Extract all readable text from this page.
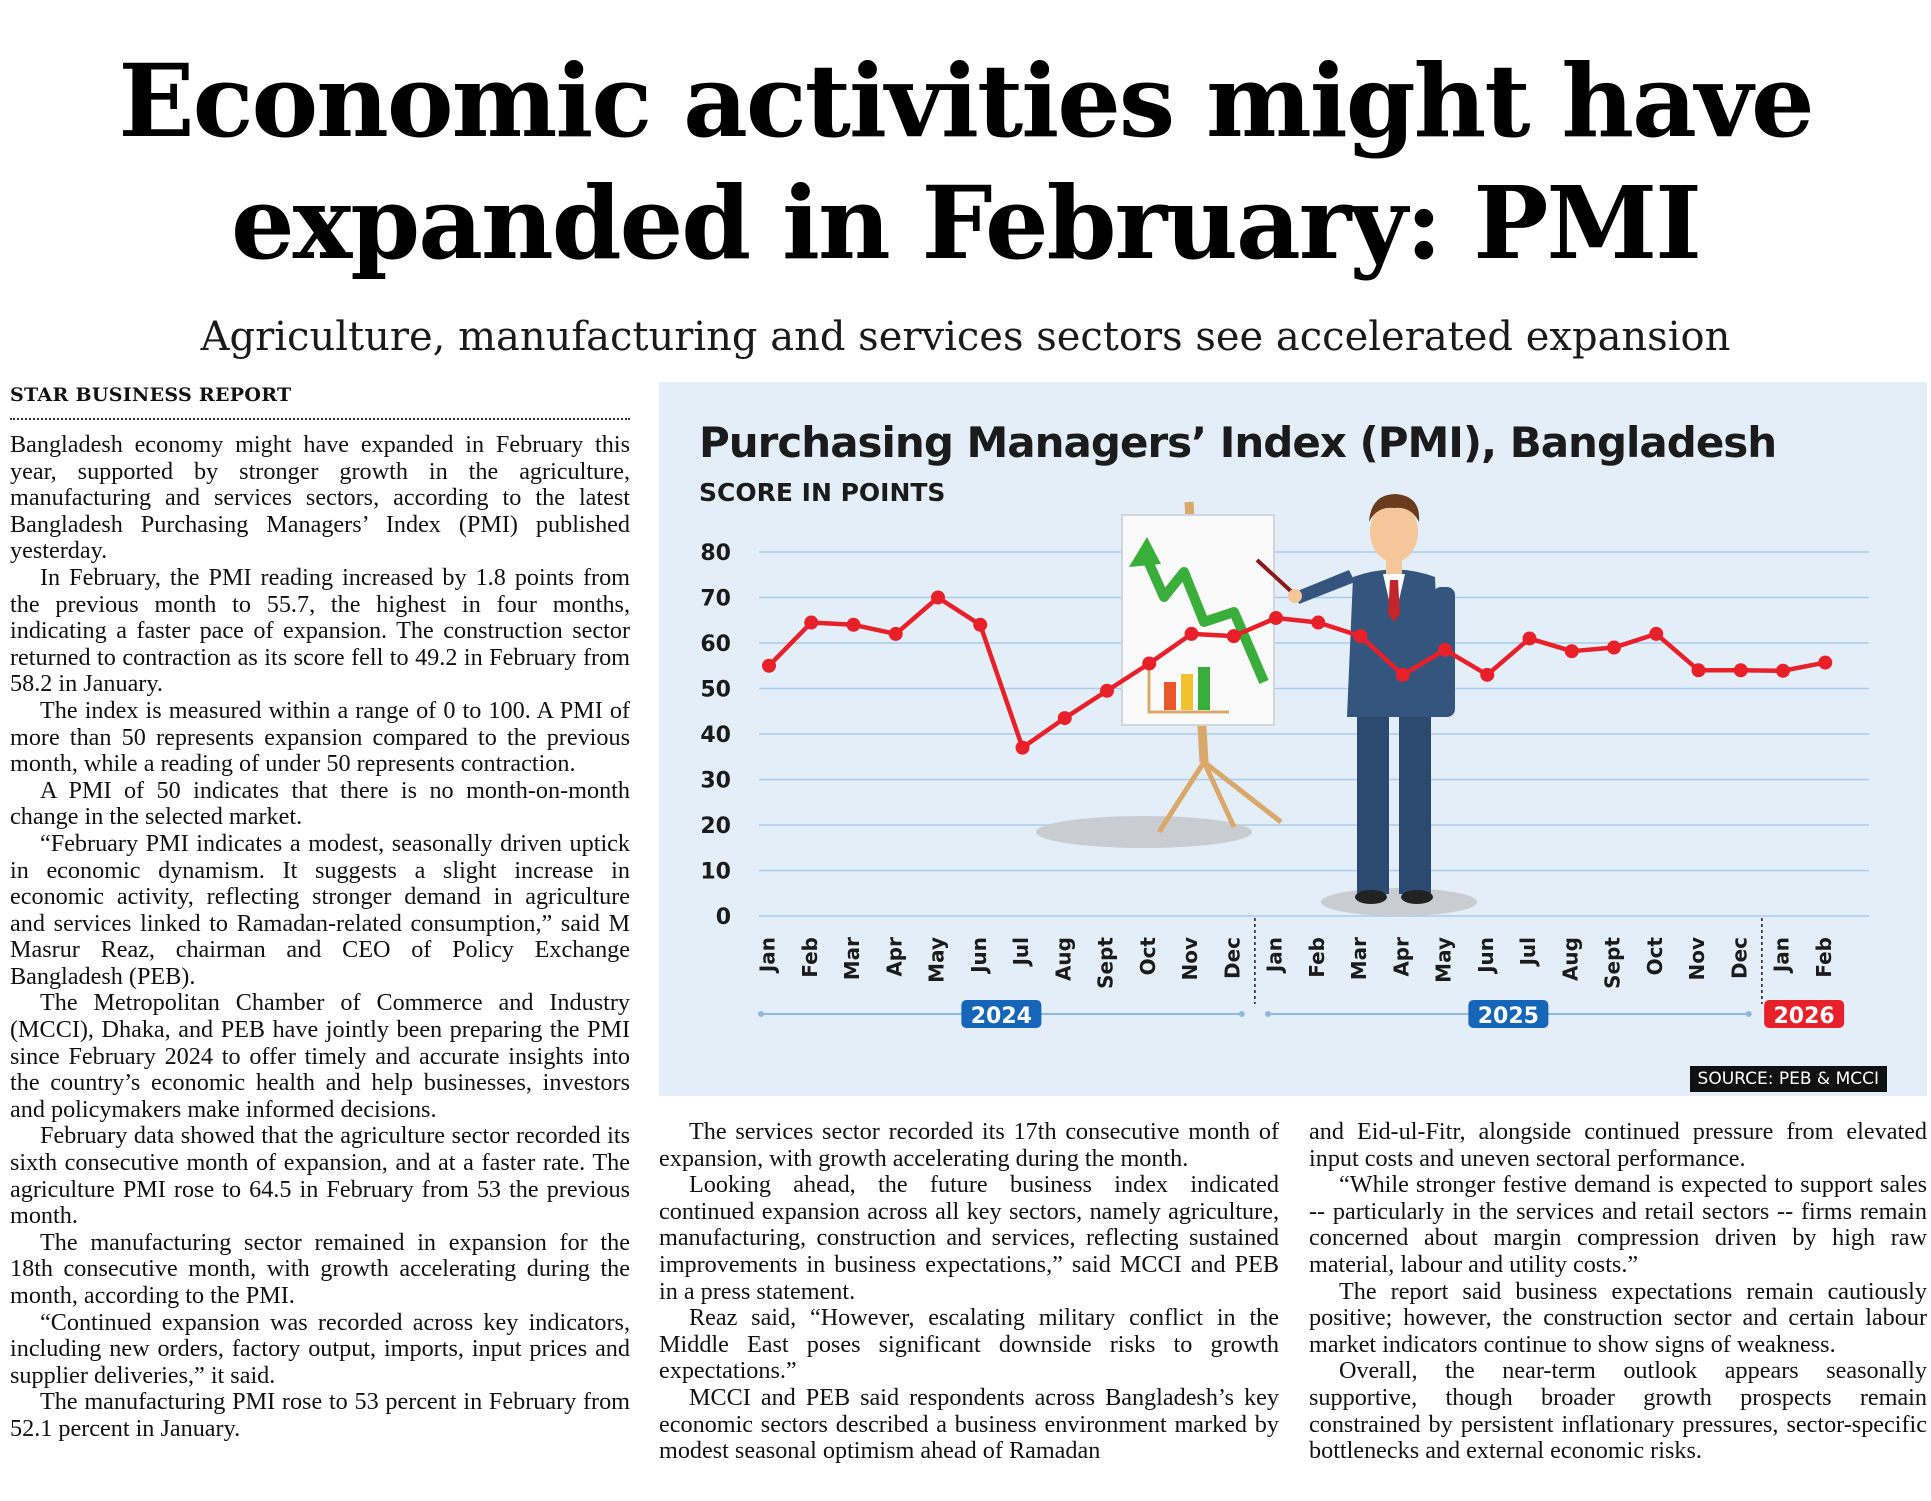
Economic activities might have
expanded in February: PMI
Agriculture, manufacturing and services sectors see accelerated expansion
STAR BUSINESS REPORT

Bangladesh economy might have expanded in February this year, supported by stronger growth in the agriculture, manufacturing and services sectors, according to the latest Bangladesh Purchasing Managers’ Index (PMI) published yesterday.

In February, the PMI reading increased by 1.8 points from the previous month to 55.7, the highest in four months, indicating a faster pace of expansion. The construction sector returned to contraction as its score fell to 49.2 in February from 58.2 in January.

The index is measured within a range of 0 to 100. A PMI of more than 50 represents expansion compared to the previous month, while a reading of under 50 represents contraction.

A PMI of 50 indicates that there is no month-on-month change in the selected market.

“February PMI indicates a modest, seasonally driven uptick in economic dynamism. It suggests a slight increase in economic activity, reflecting stronger demand in agriculture and services linked to Ramadan-related consumption,” said M Masrur Reaz, chairman and CEO of Policy Exchange Bangladesh (PEB).

The Metropolitan Chamber of Commerce and Industry (MCCI), Dhaka, and PEB have jointly been preparing the PMI since February 2024 to offer timely and accurate insights into the country’s economic health and help businesses, investors and policymakers make informed decisions.

February data showed that the agriculture sector recorded its sixth consecutive month of expansion, and at a faster rate. The agriculture PMI rose to 64.5 in February from 53 the previous month.

The manufacturing sector remained in expansion for the 18th consecutive month, with growth accelerating during the month, according to the PMI.

“Continued expansion was recorded across key indicators, including new orders, factory output, imports, input prices and supplier deliveries,” it said.

The manufacturing PMI rose to 53 percent in February from 52.1 percent in January.

Purchasing Managers’ Index (PMI), Bangladesh
SCORE IN POINTS
0
10
20
30
40
50
60
70
80
Jan Feb Mar Apr May Jun Jul Aug Sept Oct Nov Dec Jan Feb Mar Apr May Jun Jul Aug Sept Oct Nov Dec Jan Feb
2024	2025	2026
SOURCE: PEB & MCCI

The services sector recorded its 17th consecutive month of expansion, with growth accelerating during the month.

Looking ahead, the future business index indicated continued expansion across all key sectors, namely agriculture, manufacturing, construction and services, reflecting sustained improvements in business expectations,” said MCCI and PEB in a press statement.

Reaz said, “However, escalating military conflict in the Middle East poses significant downside risks to growth expectations.”

MCCI and PEB said respondents across Bangladesh’s key economic sectors described a business environment marked by modest seasonal optimism ahead of Ramadan

and Eid-ul-Fitr, alongside continued pressure from elevated input costs and uneven sectoral performance.

“While stronger festive demand is expected to support sales -- particularly in the services and retail sectors -- firms remain concerned about margin compression driven by high raw material, labour and utility costs.”

The report said business expectations remain cautiously positive; however, the construction sector and certain labour market indicators continue to show signs of weakness.

Overall, the near-term outlook appears seasonally supportive, though broader growth prospects remain constrained by persistent inflationary pressures, sector-specific bottlenecks and external economic risks.
